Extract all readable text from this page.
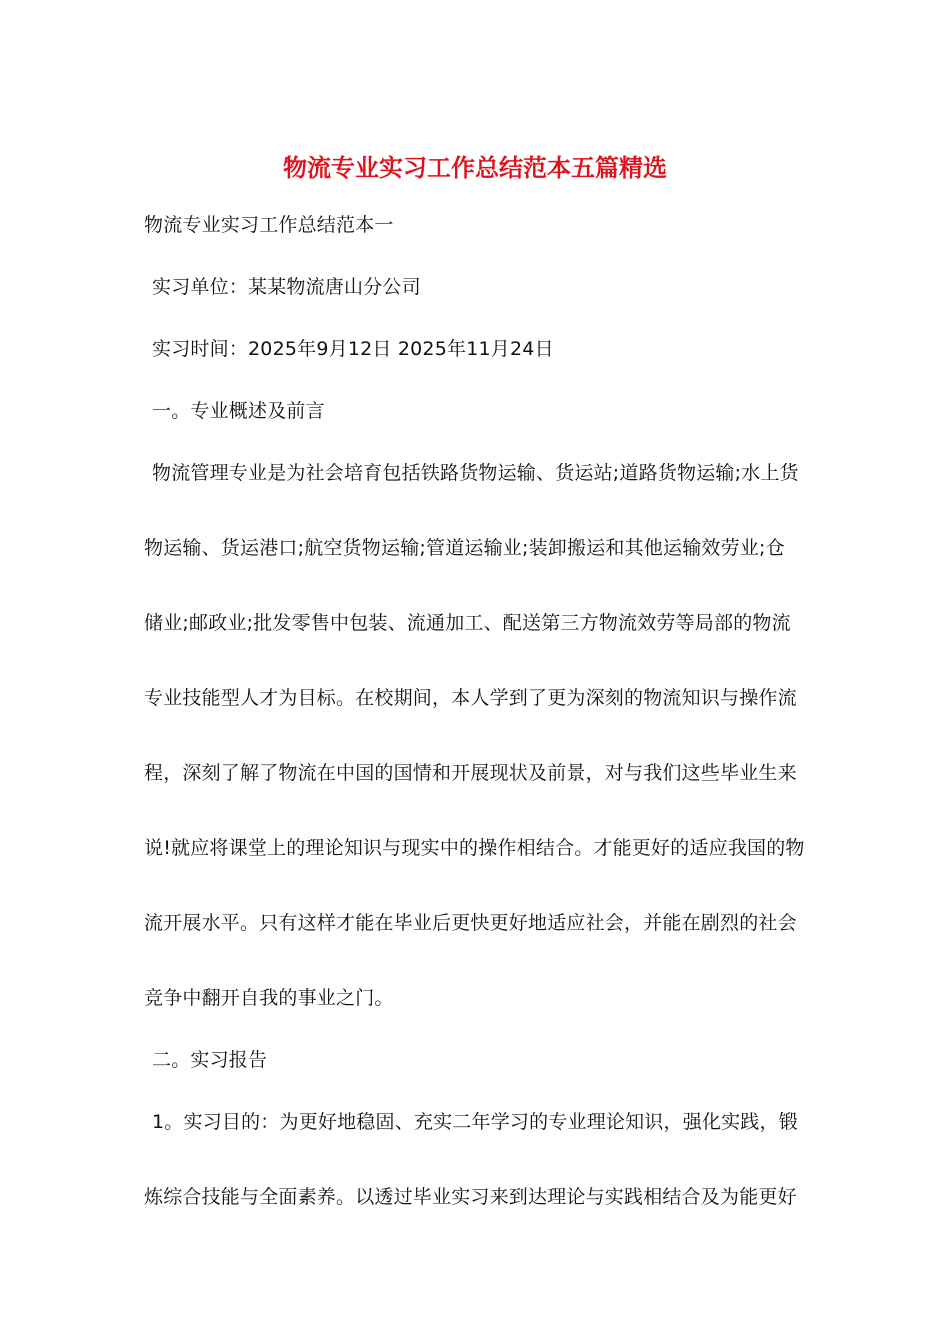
物流专业实习工作总结范本五篇精选
物流专业实习工作总结范本一
实习单位：某某物流唐山分公司
实习时间：2025年9月12日 2025年11月24日
一。专业概述及前言
物流管理专业是为社会培育包括铁路货物运输、货运站;道路货物运输;水上货
物运输、货运港口;航空货物运输;管道运输业;装卸搬运和其他运输效劳业;仓
储业;邮政业;批发零售中包装、流通加工、配送第三方物流效劳等局部的物流
专业技能型人才为目标。在校期间，本人学到了更为深刻的物流知识与操作流
程，深刻了解了物流在中国的国情和开展现状及前景，对与我们这些毕业生来
说!就应将课堂上的理论知识与现实中的操作相结合。才能更好的适应我国的物
流开展水平。只有这样才能在毕业后更快更好地适应社会，并能在剧烈的社会
竞争中翻开自我的事业之门。
二。实习报告
1。实习目的：为更好地稳固、充实二年学习的专业理论知识，强化实践，锻
炼综合技能与全面素养。以透过毕业实习来到达理论与实践相结合及为能更好
